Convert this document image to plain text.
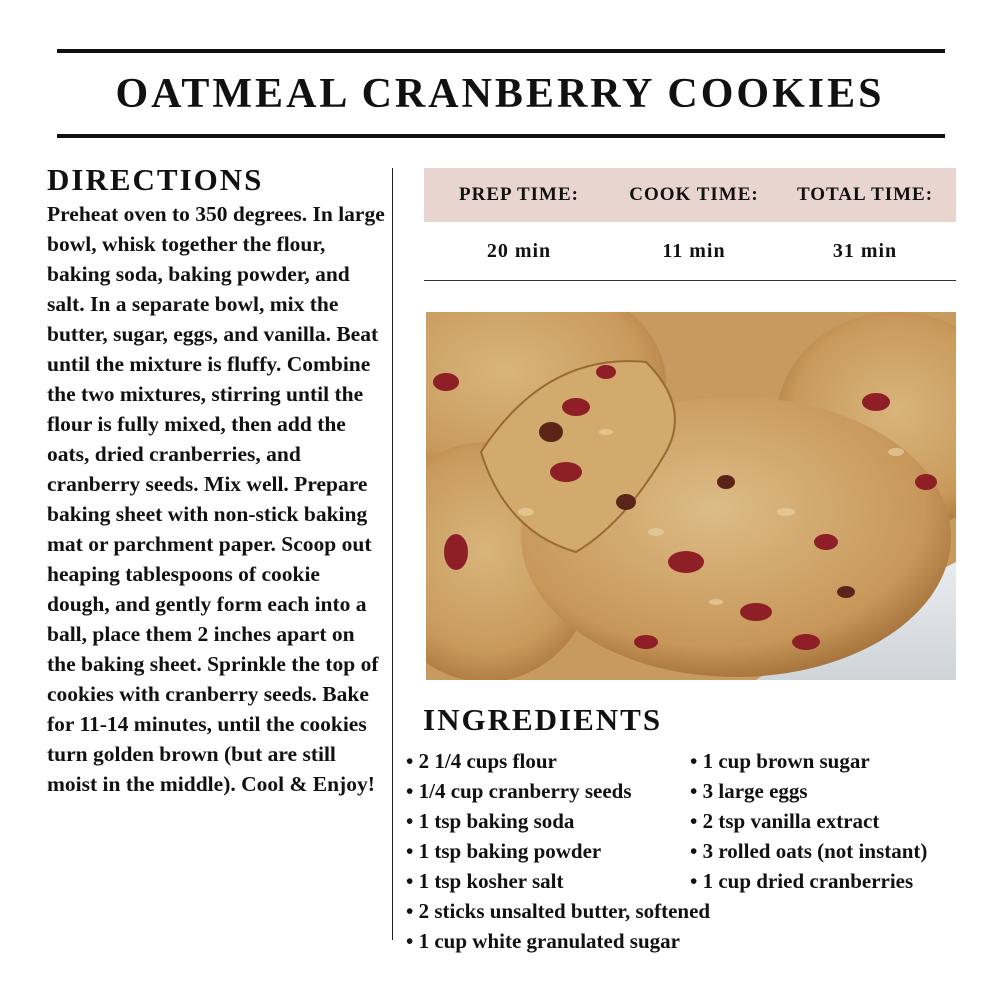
OATMEAL CRANBERRY COOKIES
DIRECTIONS
Preheat oven to 350 degrees. In large bowl, whisk together the flour, baking soda, baking powder, and salt. In a separate bowl, mix the butter, sugar, eggs, and vanilla. Beat until the mixture is fluffy. Combine the two mixtures, stirring until the flour is fully mixed, then add the oats, dried cranberries, and cranberry seeds. Mix well. Prepare baking sheet with non-stick baking mat or parchment paper. Scoop out heaping tablespoons of cookie dough, and gently form each into a ball, place them 2 inches apart on the baking sheet. Sprinkle the top of cookies with cranberry seeds. Bake for 11-14 minutes, until the cookies turn golden brown (but are still moist in the middle). Cool & Enjoy!
PREP TIME:	COOK TIME:	TOTAL TIME:
20 min	11 min	31 min
INGREDIENTS
• 2 1/4 cups flour
• 1/4 cup cranberry seeds
• 1 tsp baking soda
• 1 tsp baking powder
• 1 tsp kosher salt
• 2 sticks unsalted butter, softened
• 1 cup white granulated sugar
• 1 cup brown sugar
• 3 large eggs
• 2 tsp vanilla extract
• 3 rolled oats (not instant)
• 1 cup dried cranberries
